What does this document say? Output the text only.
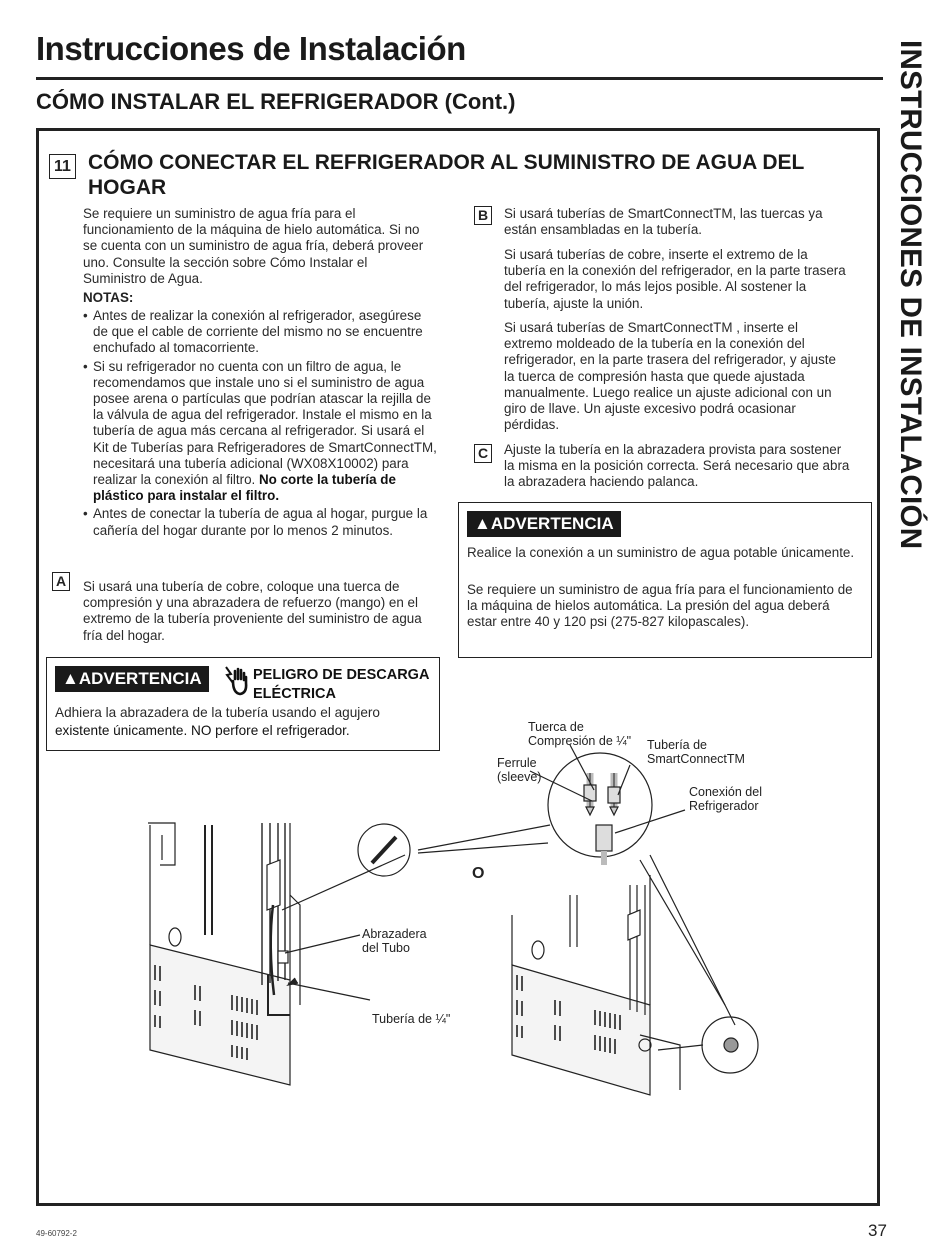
Instrucciones de Instalación
CÓMO INSTALAR EL REFRIGERADOR (Cont.)	INSTRUCCIONES DE INSTALACIÓN
11 CÓMO CONECTAR EL REFRIGERADOR AL SUMINISTRO DE AGUA DEL HOGAR
Se requiere un suministro de agua fría para el funcionamiento de la máquina de hielo automática. Si no se cuenta con un suministro de agua fría, deberá proveer uno. Consulte la sección sobre Cómo Instalar el Suministro de Agua.
NOTAS:
• Antes de realizar la conexión al refrigerador, asegúrese de que el cable de corriente del mismo no se encuentre enchufado al tomacorriente.
• Si su refrigerador no cuenta con un filtro de agua, le recomendamos que instale uno si el suministro de agua posee arena o partículas que podrían atascar la rejilla de la válvula de agua del refrigerador. Instale el mismo en la tubería de agua más cercana al refrigerador. Si usará el Kit de Tuberías para Refrigeradores de SmartConnectTM, necesitará una tubería adicional (WX08X10002) para realizar la conexión al filtro. No corte la tubería de plástico para instalar el filtro.
• Antes de conectar la tubería de agua al hogar, purgue la cañería del hogar durante por lo menos 2 minutos.
A Si usará una tubería de cobre, coloque una tuerca de compresión y una abrazadera de refuerzo (mango) en el extremo de la tubería proveniente del suministro de agua fría del hogar.
B Si usará tuberías de SmartConnectTM, las tuercas ya están ensambladas en la tubería.
Si usará tuberías de cobre, inserte el extremo de la tubería en la conexión del refrigerador, en la parte trasera del refrigerador, lo más lejos posible. Al sostener la tubería, ajuste la unión.
Si usará tuberías de SmartConnectTM , inserte el extremo moldeado de la tubería en la conexión del refrigerador, en la parte trasera del refrigerador, y ajuste la tuerca de compresión hasta que quede ajustada manualmente. Luego realice un ajuste adicional con un giro de llave. Un ajuste excesivo podrá ocasionar pérdidas.
C Ajuste la tubería en la abrazadera provista para sostener la misma en la posición correcta. Será necesario que abra la abrazadera haciendo palanca.
▲ADVERTENCIA	PELIGRO DE DESCARGA ELÉCTRICA
Adhiera la abrazadera de la tubería usando el agujero
existente únicamente. NO perfore el refrigerador.
▲ADVERTENCIA
Realice la conexión a un suministro de agua potable únicamente.
Se requiere un suministro de agua fría para el funcionamiento de la máquina de hielos automática. La presión del agua deberá estar entre 40 y 120 psi (275-827 kilopascales).
Tuerca de Compresión de ¼"
Ferrule (sleeve)
Tubería de SmartConnectTM
Conexión del Refrigerador
O
Abrazadera del Tubo
Tubería de ¼"
49-60792-2	37
